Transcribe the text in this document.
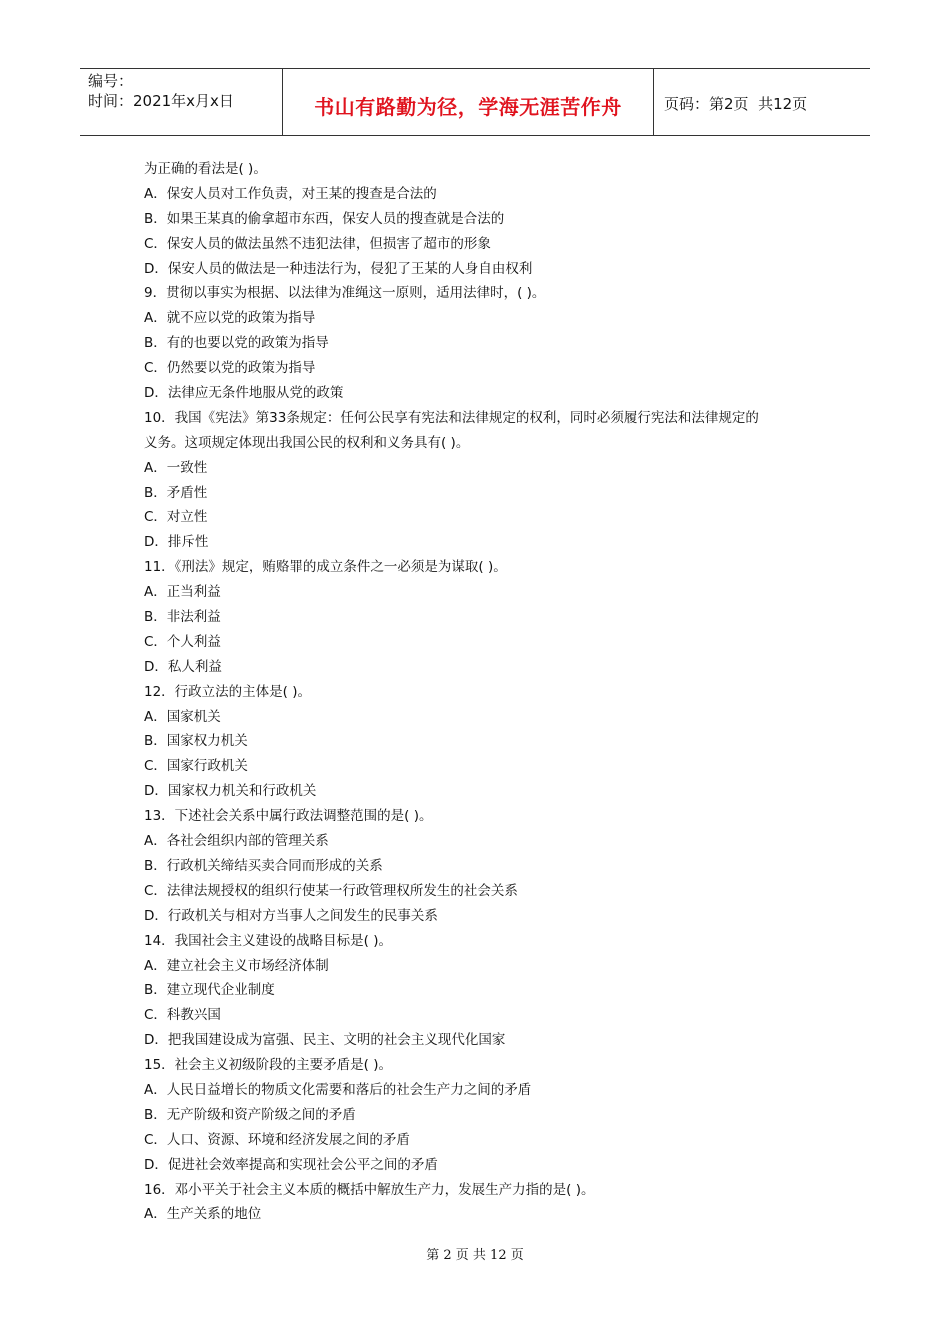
编号：
时间：2021年x月x日	书山有路勤为径，学海无涯苦作舟	页码：第2页  共12页
为正确的看法是( )。
A．保安人员对工作负责，对王某的搜查是合法的
B．如果王某真的偷拿超市东西，保安人员的搜查就是合法的
C．保安人员的做法虽然不违犯法律，但损害了超市的形象
D．保安人员的做法是一种违法行为，侵犯了王某的人身自由权利
9．贯彻以事实为根据、以法律为准绳这一原则，适用法律时，( )。
A．就不应以党的政策为指导
B．有的也要以党的政策为指导
C．仍然要以党的政策为指导
D．法律应无条件地服从党的政策
10．我国《宪法》第33条规定：任何公民享有宪法和法律规定的权利，同时必须履行宪法和法律规定的
义务。这项规定体现出我国公民的权利和义务具有( )。
A．一致性
B．矛盾性
C．对立性
D．排斥性
11．《刑法》规定，贿赂罪的成立条件之一必须是为谋取( )。
A．正当利益
B．非法利益
C．个人利益
D．私人利益
12．行政立法的主体是( )。
A．国家机关
B．国家权力机关
C．国家行政机关
D．国家权力机关和行政机关
13．下述社会关系中属行政法调整范围的是( )。
A．各社会组织内部的管理关系
B．行政机关缔结买卖合同而形成的关系
C．法律法规授权的组织行使某一行政管理权所发生的社会关系
D．行政机关与相对方当事人之间发生的民事关系
14．我国社会主义建设的战略目标是( )。
A．建立社会主义市场经济体制
B．建立现代企业制度
C．科教兴国
D．把我国建设成为富强、民主、文明的社会主义现代化国家
15．社会主义初级阶段的主要矛盾是( )。
A．人民日益增长的物质文化需要和落后的社会生产力之间的矛盾
B．无产阶级和资产阶级之间的矛盾
C．人口、资源、环境和经济发展之间的矛盾
D．促进社会效率提高和实现社会公平之间的矛盾
16．邓小平关于社会主义本质的概括中解放生产力，发展生产力指的是( )。
A．生产关系的地位
第 2 页 共 12 页
